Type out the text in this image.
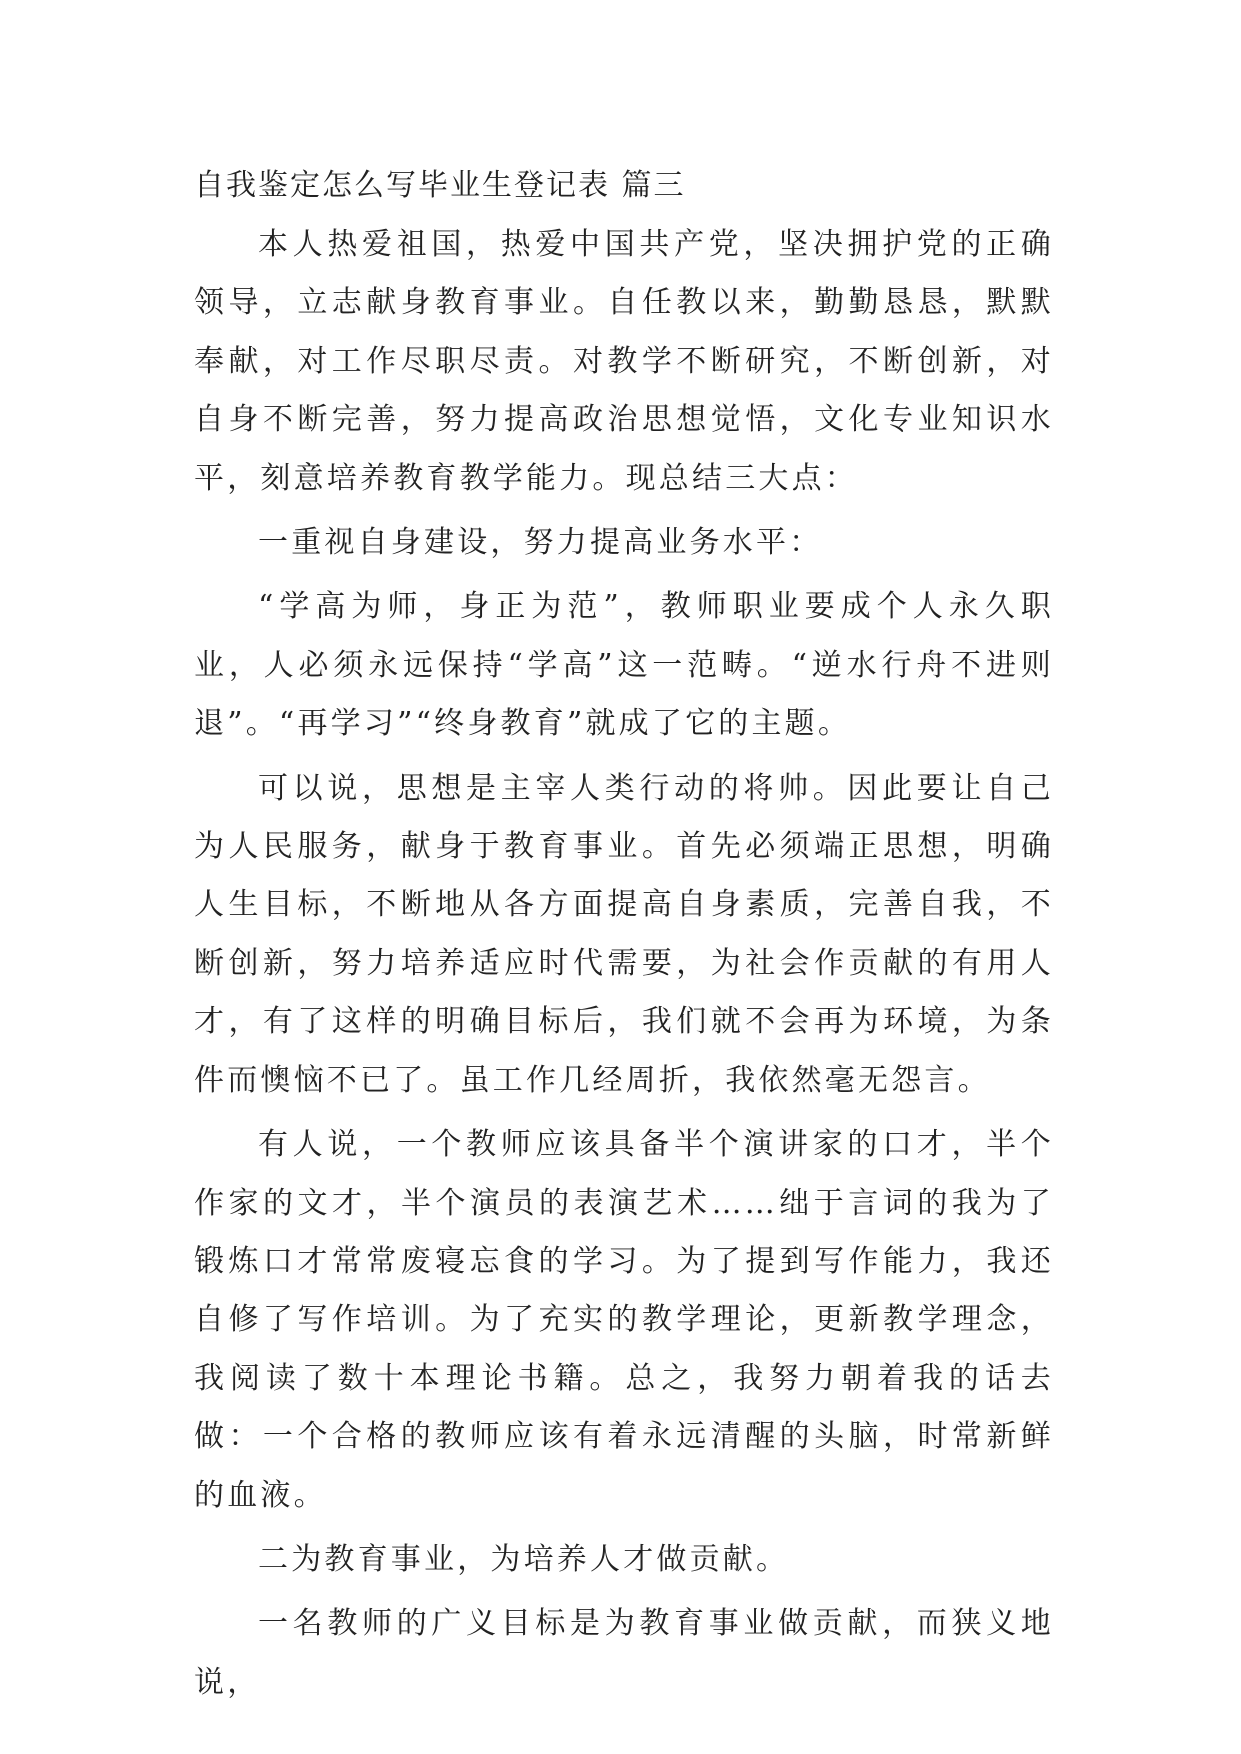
自我鉴定怎么写毕业生登记表 篇三

本人热爱祖国，热爱中国共产党，坚决拥护党的正确领导，立志献身教育事业。自任教以来，勤勤恳恳，默默奉献，对工作尽职尽责。对教学不断研究，不断创新，对自身不断完善，努力提高政治思想觉悟，文化专业知识水平，刻意培养教育教学能力。现总结三大点：

一重视自身建设，努力提高业务水平：

“学高为师，身正为范”，教师职业要成个人永久职业，人必须永远保持“学高”这一范畴。“逆水行舟不进则退”。“再学习”“终身教育”就成了它的主题。

可以说，思想是主宰人类行动的将帅。因此要让自己为人民服务，献身于教育事业。首先必须端正思想，明确人生目标，不断地从各方面提高自身素质，完善自我，不断创新，努力培养适应时代需要，为社会作贡献的有用人才，有了这样的明确目标后，我们就不会再为环境，为条件而懊恼不已了。虽工作几经周折，我依然毫无怨言。

有人说，一个教师应该具备半个演讲家的口才，半个作家的文才，半个演员的表演艺术……绌于言词的我为了锻炼口才常常废寝忘食的学习。为了提到写作能力，我还自修了写作培训。为了充实的教学理论，更新教学理念，我阅读了数十本理论书籍。总之，我努力朝着我的话去做：一个合格的教师应该有着永远清醒的头脑，时常新鲜的血液。

二为教育事业，为培养人才做贡献。

一名教师的广义目标是为教育事业做贡献，而狭义地说，
